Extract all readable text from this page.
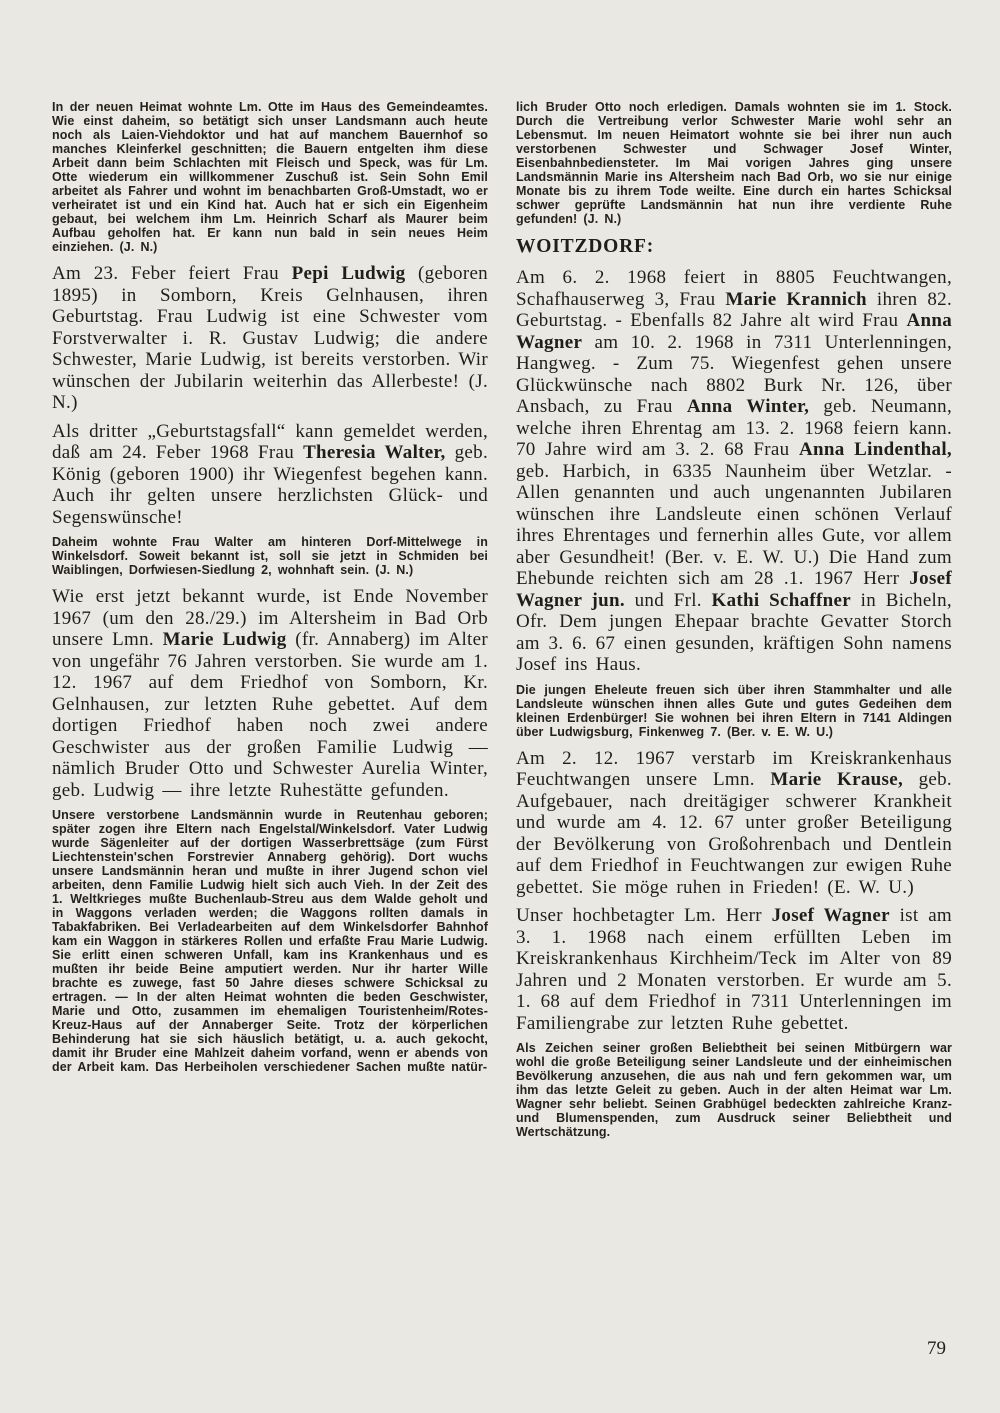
In der neuen Heimat wohnte Lm. Otte im Haus des Gemeindeamtes. Wie einst daheim, so betätigt sich unser Landsmann auch heute noch als Laien-Viehdoktor und hat auf manchem Bauernhof so manches Kleinferkel geschnitten; die Bauern entgelten ihm diese Arbeit dann beim Schlachten mit Fleisch und Speck, was für Lm. Otte wiederum ein willkommener Zuschuß ist. Sein Sohn Emil arbeitet als Fahrer und wohnt im benachbarten Groß-Umstadt, wo er verheiratet ist und ein Kind hat. Auch hat er sich ein Eigenheim gebaut, bei welchem ihm Lm. Heinrich Scharf als Maurer beim Aufbau geholfen hat. Er kann nun bald in sein neues Heim einziehen. (J. N.)

Am 23. Feber feiert Frau Pepi Ludwig (geboren 1895) in Somborn, Kreis Gelnhausen, ihren Geburtstag. Frau Ludwig ist eine Schwester vom Forstverwalter i. R. Gustav Ludwig; die andere Schwester, Marie Ludwig, ist bereits verstorben. Wir wünschen der Jubilarin weiterhin das Allerbeste! (J. N.)

Als dritter „Geburtstagsfall“ kann gemeldet werden, daß am 24. Feber 1968 Frau Theresia Walter, geb. König (geboren 1900) ihr Wiegenfest begehen kann. Auch ihr gelten unsere herzlichsten Glück- und Segenswünsche!

Daheim wohnte Frau Walter am hinteren Dorf-Mittelwege in Winkelsdorf. Soweit bekannt ist, soll sie jetzt in Schmiden bei Waiblingen, Dorfwiesen-Siedlung 2, wohnhaft sein. (J. N.)

Wie erst jetzt bekannt wurde, ist Ende November 1967 (um den 28./29.) im Altersheim in Bad Orb unsere Lmn. Marie Ludwig (fr. Annaberg) im Alter von ungefähr 76 Jahren verstorben. Sie wurde am 1. 12. 1967 auf dem Friedhof von Somborn, Kr. Gelnhausen, zur letzten Ruhe gebettet. Auf dem dortigen Friedhof haben noch zwei andere Geschwister aus der großen Familie Ludwig — nämlich Bruder Otto und Schwester Aurelia Winter, geb. Ludwig — ihre letzte Ruhestätte gefunden.

Unsere verstorbene Landsmännin wurde in Reutenhau geboren; später zogen ihre Eltern nach Engelstal/Winkelsdorf. Vater Ludwig wurde Sägenleiter auf der dortigen Wasserbrettsäge (zum Fürst Liechtenstein'schen Forstrevier Annaberg gehörig). Dort wuchs unsere Landsmännin heran und mußte in ihrer Jugend schon viel arbeiten, denn Familie Ludwig hielt sich auch Vieh. In der Zeit des 1. Weltkrieges mußte Buchenlaub-Streu aus dem Walde geholt und in Waggons verladen werden; die Waggons rollten damals in Tabakfabriken. Bei Verladearbeiten auf dem Winkelsdorfer Bahnhof kam ein Waggon in stärkeres Rollen und erfaßte Frau Marie Ludwig. Sie erlitt einen schweren Unfall, kam ins Krankenhaus und es mußten ihr beide Beine amputiert werden. Nur ihr harter Wille brachte es zuwege, fast 50 Jahre dieses schwere Schicksal zu ertragen. — In der alten Heimat wohnten die beden Geschwister, Marie und Otto, zusammen im ehemaligen Touristenheim/Rotes-Kreuz-Haus auf der Annaberger Seite. Trotz der körperlichen Behinderung hat sie sich häuslich betätigt, u. a. auch gekocht, damit ihr Bruder eine Mahlzeit daheim vorfand, wenn er abends von der Arbeit kam. Das Herbeiholen verschiedener Sachen mußte natür-

lich Bruder Otto noch erledigen. Damals wohnten sie im 1. Stock. Durch die Vertreibung verlor Schwester Marie wohl sehr an Lebensmut. Im neuen Heimatort wohnte sie bei ihrer nun auch verstorbenen Schwester und Schwager Josef Winter, Eisenbahnbediensteter. Im Mai vorigen Jahres ging unsere Landsmännin Marie ins Altersheim nach Bad Orb, wo sie nur einige Monate bis zu ihrem Tode weilte. Eine durch ein hartes Schicksal schwer geprüfte Landsmännin hat nun ihre verdiente Ruhe gefunden! (J. N.)

WOITZDORF:

Am 6. 2. 1968 feiert in 8805 Feuchtwangen, Schafhauserweg 3, Frau Marie Krannich ihren 82. Geburtstag. - Ebenfalls 82 Jahre alt wird Frau Anna Wagner am 10. 2. 1968 in 7311 Unterlenningen, Hangweg. - Zum 75. Wiegenfest gehen unsere Glückwünsche nach 8802 Burk Nr. 126, über Ansbach, zu Frau Anna Winter, geb. Neumann, welche ihren Ehrentag am 13. 2. 1968 feiern kann. 70 Jahre wird am 3. 2. 68 Frau Anna Lindenthal, geb. Harbich, in 6335 Naunheim über Wetzlar. - Allen genannten und auch ungenannten Jubilaren wünschen ihre Landsleute einen schönen Verlauf ihres Ehrentages und fernerhin alles Gute, vor allem aber Gesundheit! (Ber. v. E. W. U.) Die Hand zum Ehebunde reichten sich am 28 .1. 1967 Herr Josef Wagner jun. und Frl. Kathi Schaffner in Bicheln, Ofr. Dem jungen Ehepaar brachte Gevatter Storch am 3. 6. 67 einen gesunden, kräftigen Sohn namens Josef ins Haus.

Die jungen Eheleute freuen sich über ihren Stammhalter und alle Landsleute wünschen ihnen alles Gute und gutes Gedeihen dem kleinen Erdenbürger! Sie wohnen bei ihren Eltern in 7141 Aldingen über Ludwigsburg, Finkenweg 7. (Ber. v. E. W. U.)

Am 2. 12. 1967 verstarb im Kreiskrankenhaus Feuchtwangen unsere Lmn. Marie Krause, geb. Aufgebauer, nach dreitägiger schwerer Krankheit und wurde am 4. 12. 67 unter großer Beteiligung der Bevölkerung von Großohrenbach und Dentlein auf dem Friedhof in Feuchtwangen zur ewigen Ruhe gebettet. Sie möge ruhen in Frieden! (E. W. U.)

Unser hochbetagter Lm. Herr Josef Wagner ist am 3. 1. 1968 nach einem erfüllten Leben im Kreiskrankenhaus Kirchheim/Teck im Alter von 89 Jahren und 2 Monaten verstorben. Er wurde am 5. 1. 68 auf dem Friedhof in 7311 Unterlenningen im Familiengrabe zur letzten Ruhe gebettet.

Als Zeichen seiner großen Beliebtheit bei seinen Mitbürgern war wohl die große Beteiligung seiner Landsleute und der einheimischen Bevölkerung anzusehen, die aus nah und fern gekommen war, um ihm das letzte Geleit zu geben. Auch in der alten Heimat war Lm. Wagner sehr beliebt. Seinen Grabhügel bedeckten zahlreiche Kranz- und Blumenspenden, zum Ausdruck seiner Beliebtheit und Wertschätzung.

79
